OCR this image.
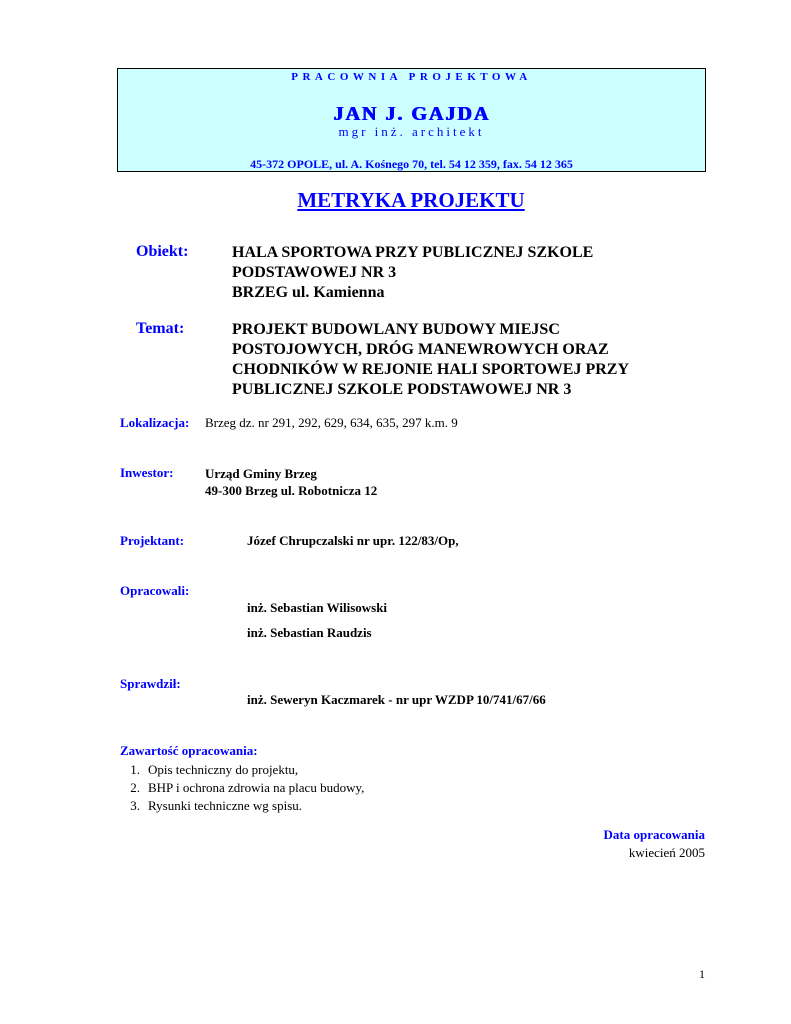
PRACOWNIA PROJEKTOWA
JAN J. GAJDA
mgr inż. architekt
45-372 OPOLE, ul. A. Kośnego 70, tel. 54 12 359, fax. 54 12 365
METRYKA PROJEKTU
Obiekt:	HALA SPORTOWA PRZY PUBLICZNEJ SZKOLE
PODSTAWOWEJ NR 3
BRZEG ul. Kamienna
Temat:	PROJEKT BUDOWLANY BUDOWY MIEJSC
POSTOJOWYCH, DRÓG MANEWROWYCH ORAZ
CHODNIKÓW W REJONIE HALI SPORTOWEJ PRZY
PUBLICZNEJ SZKOLE PODSTAWOWEJ NR 3
Lokalizacja: Brzeg dz. nr 291, 292, 629, 634, 635, 297 k.m. 9
Inwestor: Urząd Gminy Brzeg
49-300 Brzeg ul. Robotnicza 12
Projektant:	Józef Chrupczalski nr upr. 122/83/Op,
Opracowali:
inż. Sebastian Wilisowski
inż. Sebastian Raudzis
Sprawdził:
inż. Seweryn Kaczmarek - nr upr WZDP 10/741/67/66
Zawartość opracowania:
1. Opis techniczny do projektu,
2. BHP i ochrona zdrowia na placu budowy,
3. Rysunki techniczne wg spisu.
Data opracowania
kwiecień 2005
1
